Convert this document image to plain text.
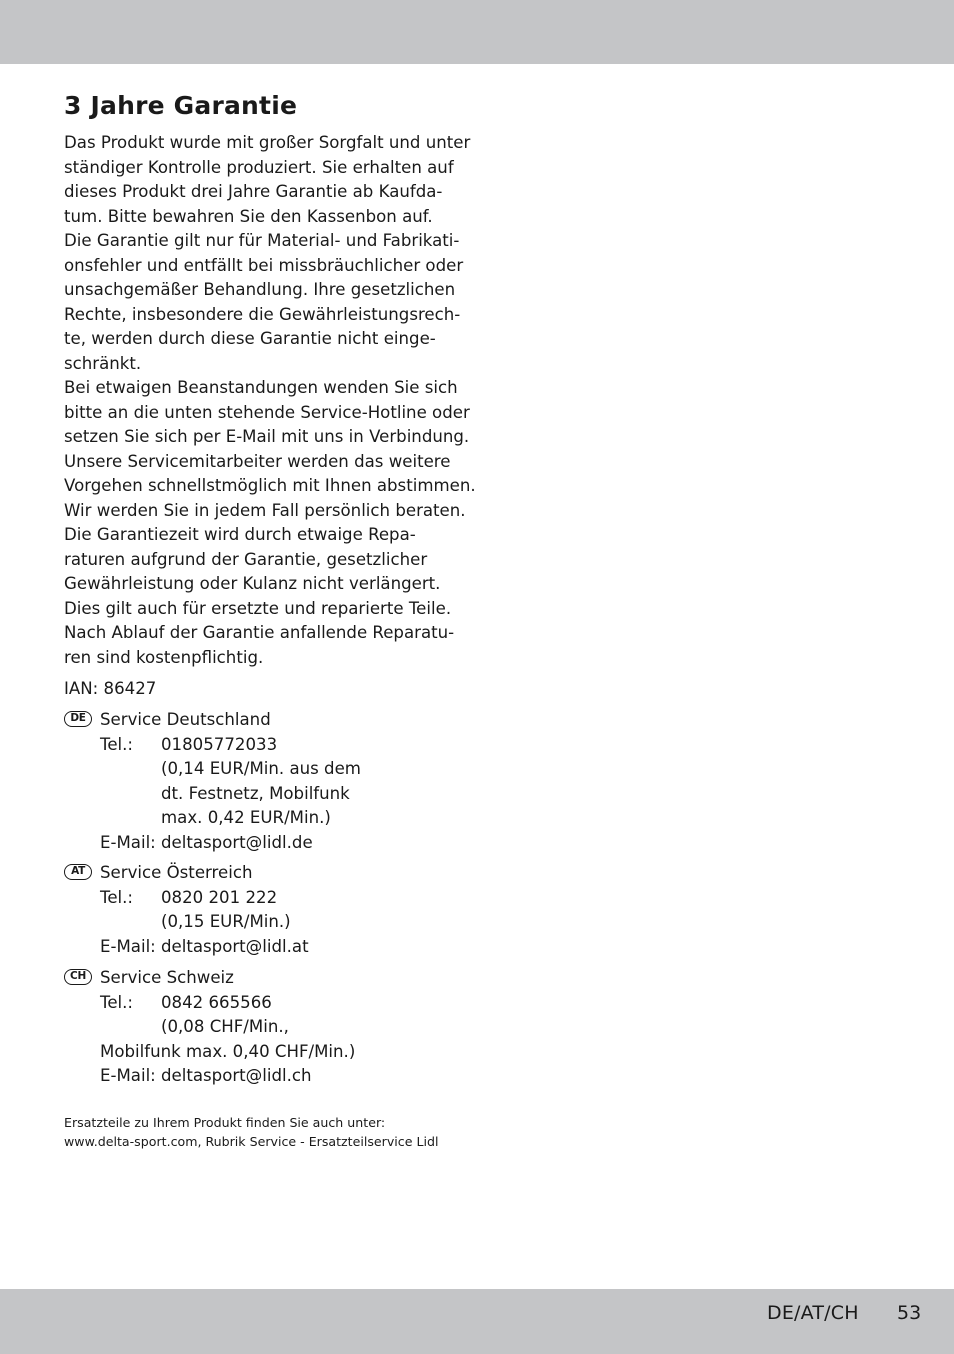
3 Jahre Garantie
Das Produkt wurde mit großer Sorgfalt und unter
ständiger Kontrolle produziert. Sie erhalten auf
dieses Produkt drei Jahre Garantie ab Kaufda-
tum. Bitte bewahren Sie den Kassenbon auf.
Die Garantie gilt nur für Material- und Fabrikati-
onsfehler und entfällt bei missbräuchlicher oder
unsachgemäßer Behandlung. Ihre gesetzlichen
Rechte, insbesondere die Gewährleistungsrech-
te, werden durch diese Garantie nicht einge-
schränkt.
Bei etwaigen Beanstandungen wenden Sie sich
bitte an die unten stehende Service-Hotline oder
setzen Sie sich per E-Mail mit uns in Verbindung.
Unsere Servicemitarbeiter werden das weitere
Vorgehen schnellstmöglich mit Ihnen abstimmen.
Wir werden Sie in jedem Fall persönlich beraten.
Die Garantiezeit wird durch etwaige Repa-
raturen aufgrund der Garantie, gesetzlicher
Gewährleistung oder Kulanz nicht verlängert.
Dies gilt auch für ersetzte und reparierte Teile.
Nach Ablauf der Garantie anfallende Reparatu-
ren sind kostenpflichtig.
IAN: 86427
DE Service Deutschland
Tel.: 01805772033
(0,14 EUR/Min. aus dem
dt. Festnetz, Mobilfunk
max. 0,42 EUR/Min.)
E-Mail: deltasport@lidl.de
AT Service Österreich
Tel.: 0820 201 222
(0,15 EUR/Min.)
E-Mail: deltasport@lidl.at
CH Service Schweiz
Tel.: 0842 665566
(0,08 CHF/Min.,
Mobilfunk max. 0,40 CHF/Min.)
E-Mail: deltasport@lidl.ch
Ersatzteile zu Ihrem Produkt finden Sie auch unter:
www.delta-sport.com, Rubrik Service - Ersatzteilservice Lidl
DE/AT/CH 53
